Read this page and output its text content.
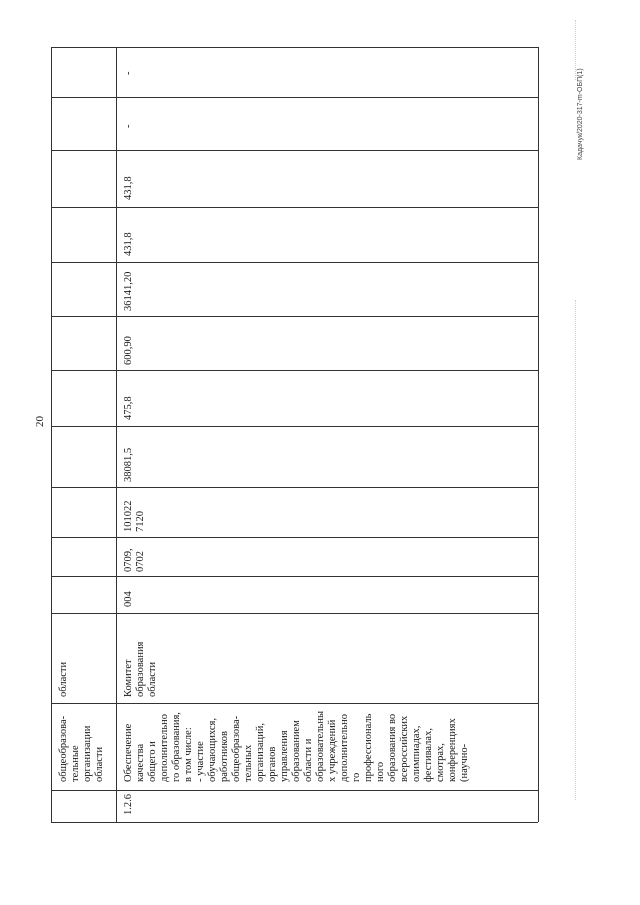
20
Кадачук/2020-317-m-ОБП(1)
общеобразова- тельные организации области
области
1.2.6
Обеспечение качества общего и дополнительно го образования, в том числе: - участие обучающихся, работников общеобразова- тельных организаций, органов управления образованием области и образовательны х учреждений дополнительно го профессиональ ного образования во всероссийских олимпиадах, фестивалах, смотрах, конференциях (научно-
Комитет образования области
004
0709, 0702
101022 7120
38081,5
475,8
600,90
36141,20
431,8
431,8
-
-
